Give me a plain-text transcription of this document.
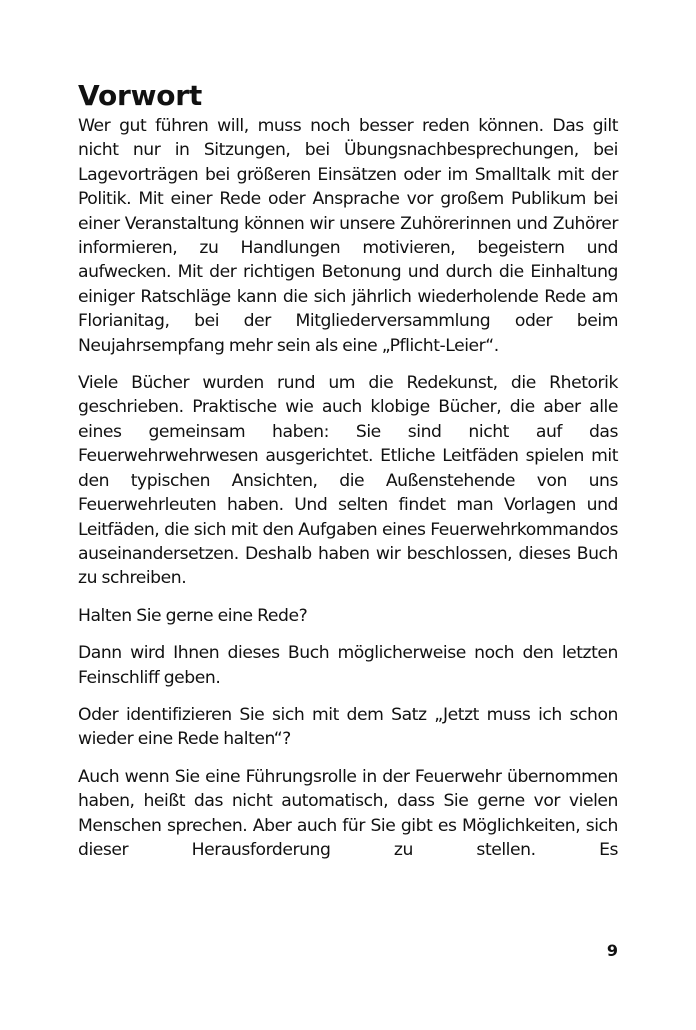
Vorwort

Wer gut führen will, muss noch besser reden können. Das gilt nicht nur in Sitzungen, bei Übungsnachbesprechungen, bei Lagevorträgen bei größeren Einsätzen oder im Smalltalk mit der Politik. Mit einer Rede oder Ansprache vor großem Publikum bei einer Veranstaltung können wir unsere Zuhörerinnen und Zuhörer informieren, zu Handlungen motivieren, begeistern und aufwecken. Mit der richtigen Betonung und durch die Einhaltung einiger Ratschläge kann die sich jährlich wiederholende Rede am Florianitag, bei der Mitgliederversammlung oder beim Neujahrsempfang mehr sein als eine „Pflicht-Leier“.

Viele Bücher wurden rund um die Redekunst, die Rhetorik geschrieben. Praktische wie auch klobige Bücher, die aber alle eines gemeinsam haben: Sie sind nicht auf das Feuerwehrwehrwesen ausgerichtet. Etliche Leitfäden spielen mit den typischen Ansichten, die Außenstehende von uns Feuerwehrleuten haben. Und selten findet man Vorlagen und Leitfäden, die sich mit den Aufgaben eines Feuerwehrkommandos auseinandersetzen. Deshalb haben wir beschlossen, dieses Buch zu schreiben.

Halten Sie gerne eine Rede?

Dann wird Ihnen dieses Buch möglicherweise noch den letzten Feinschliff geben.

Oder identifizieren Sie sich mit dem Satz „Jetzt muss ich schon wieder eine Rede halten“?

Auch wenn Sie eine Führungsrolle in der Feuerwehr übernommen haben, heißt das nicht automatisch, dass Sie gerne vor vielen Menschen sprechen. Aber auch für Sie gibt es Möglichkeiten, sich dieser Herausforderung zu stellen. Es

9
